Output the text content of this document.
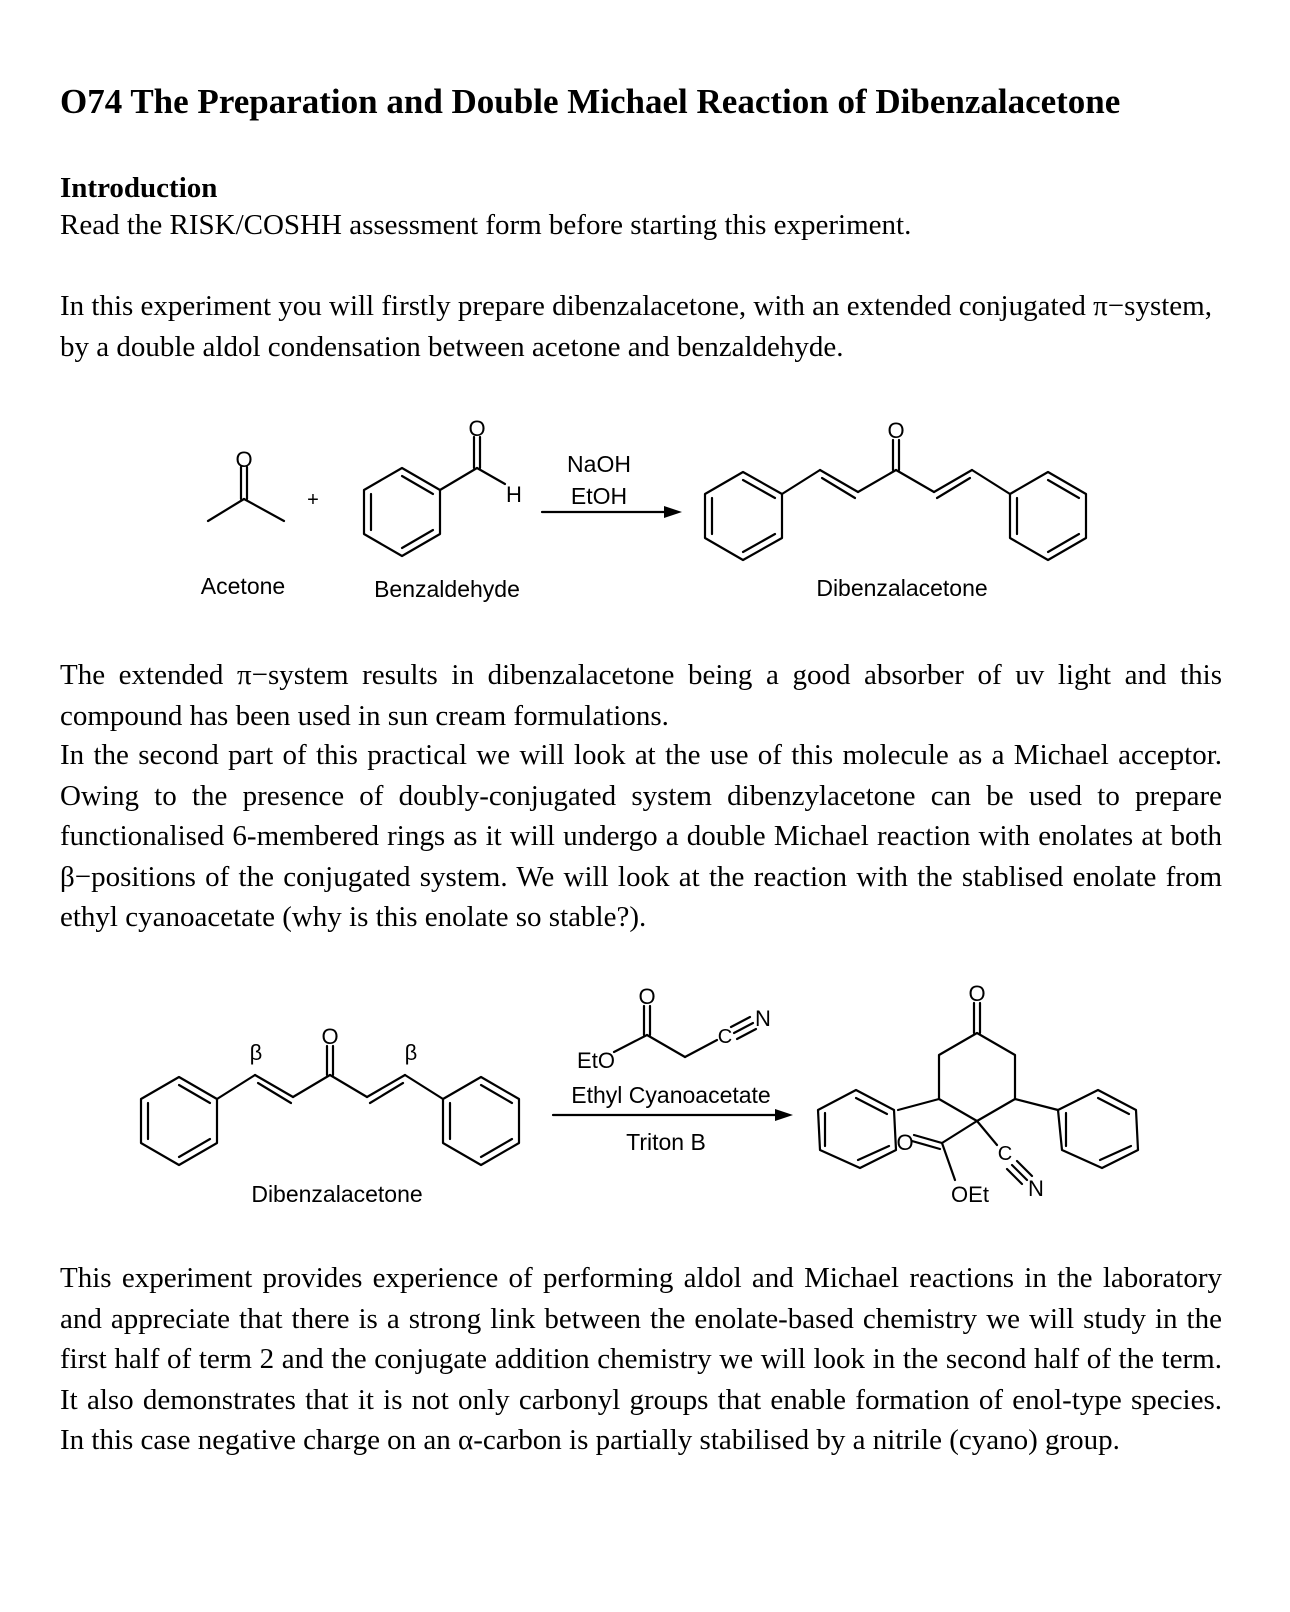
O74 The Preparation and Double Michael Reaction of Dibenzalacetone
Introduction

Read the RISK/COSHH assessment form before starting this experiment.

In this experiment you will firstly prepare dibenzalacetone, with an extended conjugated π−system, by a double aldol condensation between acetone and benzaldehyde.

O
+
O
H
NaOH
EtOH
O
Acetone	Benzaldehyde	Dibenzalacetone

The extended π−system results in dibenzalacetone being a good absorber of uv light and this compound has been used in sun cream formulations.

In the second part of this practical we will look at the use of this molecule as a Michael acceptor. Owing to the presence of doubly-conjugated system dibenzylacetone can be used to prepare functionalised 6-membered rings as it will undergo a double Michael reaction with enolates at both β−positions of the conjugated system. We will look at the reaction with the stablised enolate from ethyl cyanoacetate (why is this enolate so stable?).

O
β	β
Dibenzalacetone
O
C
N
EtO
Ethyl Cyanoacetate
Triton B
O
O
OEt
C
N

This experiment provides experience of performing aldol and Michael reactions in the laboratory and appreciate that there is a strong link between the enolate-based chemistry we will study in the first half of term 2 and the conjugate addition chemistry we will look in the second half of the term. It also demonstrates that it is not only carbonyl groups that enable formation of enol-type species. In this case negative charge on an α-carbon is partially stabilised by a nitrile (cyano) group.
